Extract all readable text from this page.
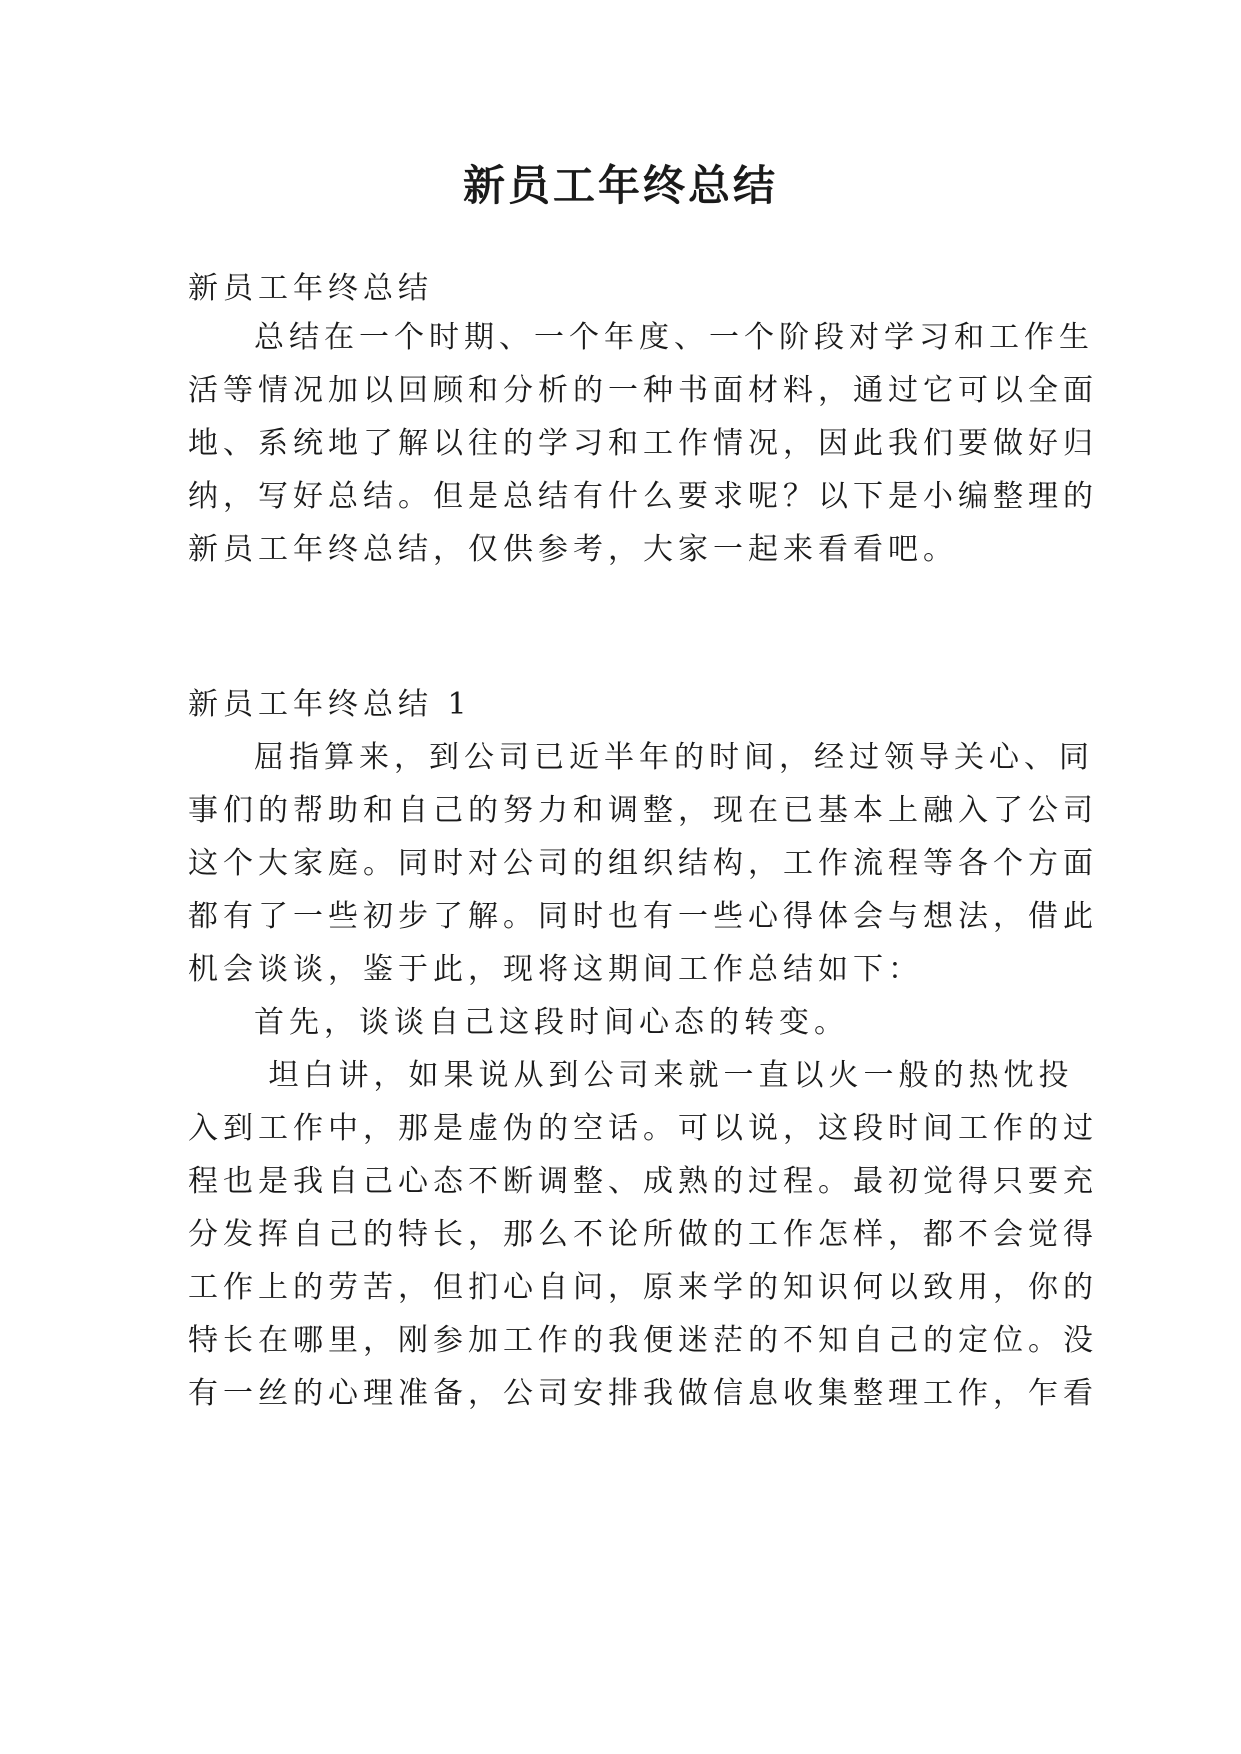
新员工年终总结
新员工年终总结
总结在一个时期、一个年度、一个阶段对学习和工作生
活等情况加以回顾和分析的一种书面材料，通过它可以全面
地、系统地了解以往的学习和工作情况，因此我们要做好归
纳，写好总结。但是总结有什么要求呢？以下是小编整理的
新员工年终总结，仅供参考，大家一起来看看吧。
新员工年终总结 1
屈指算来，到公司已近半年的时间，经过领导关心、同
事们的帮助和自己的努力和调整，现在已基本上融入了公司
这个大家庭。同时对公司的组织结构，工作流程等各个方面
都有了一些初步了解。同时也有一些心得体会与想法，借此
机会谈谈，鉴于此，现将这期间工作总结如下：
首先，谈谈自己这段时间心态的转变。
坦白讲，如果说从到公司来就一直以火一般的热忱投
入到工作中，那是虚伪的空话。可以说，这段时间工作的过
程也是我自己心态不断调整、成熟的过程。最初觉得只要充
分发挥自己的特长，那么不论所做的工作怎样，都不会觉得
工作上的劳苦，但扪心自问，原来学的知识何以致用，你的
特长在哪里，刚参加工作的我便迷茫的不知自己的定位。没
有一丝的心理准备，公司安排我做信息收集整理工作，乍看
